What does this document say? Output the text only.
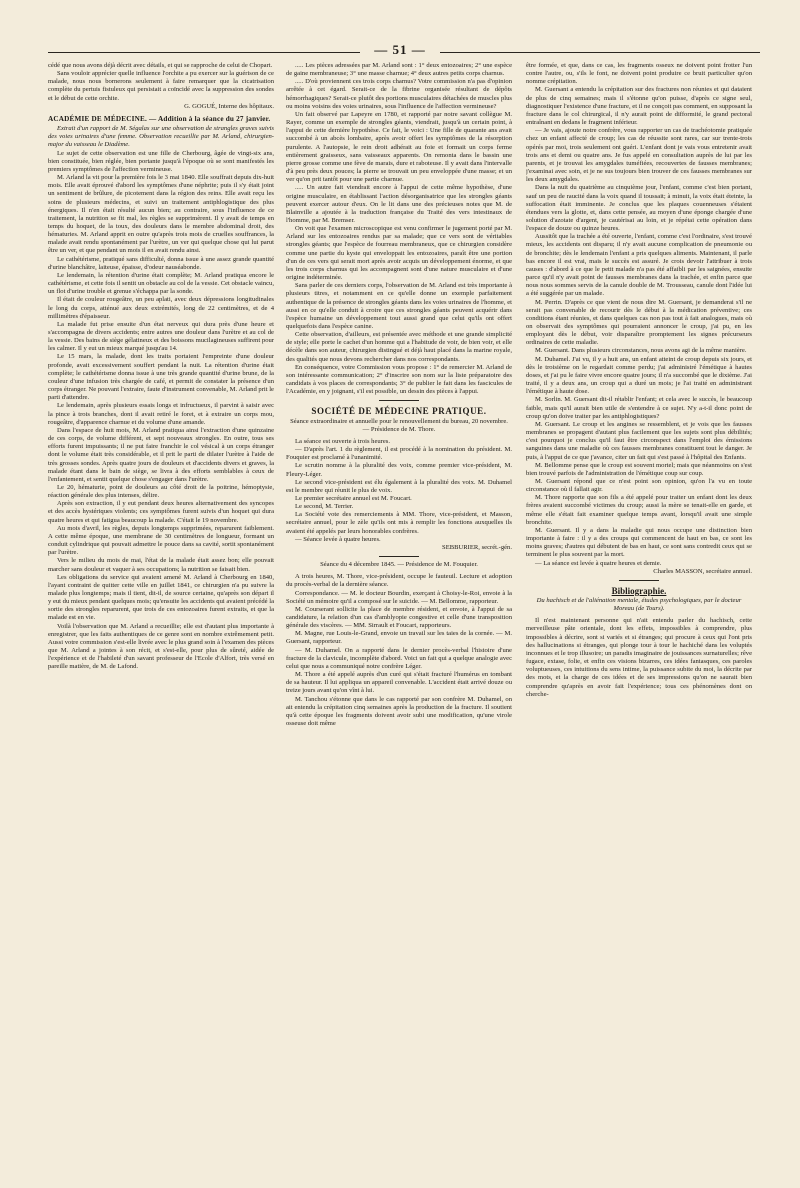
— 51 —

cédé que nous avons déjà décrit avec détails, et qui se rapproche de celui de Chopart.

Sans vouloir apprécier quelle influence l'orchite a pu exercer sur la guérison de ce malade, nous nous bornerons seulement à faire remarquer que la cicatrisation complète du pertuis fistuleux qui persistait a coïncidé avec la suppression des sondes et le début de cette orchite.

G. GOGUÉ, Interne des hôpitaux.

ACADÉMIE DE MÉDECINE. — Addition à la séance du 27 janvier.

Extrait d'un rapport de M. Ségalas sur une observation de strangles graves suivis des voies urinaires d'une femme. Observation recueillie par M. Arland, chirurgien-major du vaisseau le Diadème.

Le sujet de cette observation est une fille de Cherbourg, âgée de vingt-six ans, bien constituée, bien réglée, bien portante jusqu'à l'époque où se sont manifestés les premiers symptômes de l'affection vermineuse.

M. Arland la vit pour la première fois le 3 mai 1840. Elle souffrait depuis dix-huit mois. Elle avait éprouvé d'abord les symptômes d'une néphrite; puis il s'y était joint un sentiment de brûlure, de picotement dans la région des reins. Elle avait reçu les soins de plusieurs médecins, et suivi un traitement antiphlogistique des plus énergiques. Il n'en était résulté aucun bien; au contraire, sous l'influence de ce traitement, la nutrition se fit mal, les règles se supprimèrent. Il y avait de temps en temps du hoquet, de la toux, des douleurs dans le membre abdominal droit, des hématuries. M. Arland apprit en outre qu'après trois mois de cruelles souffrances, la malade avait rendu spontanément par l'urètre, un ver qui quelque chose qui lui parut être un ver, et que pendant un mois il en avait rendu ainsi.

Le cathétérisme, pratiqué sans difficulté, donna issue à une assez grande quantité d'urine blanchâtre, laiteuse, épaisse, d'odeur nauséabonde.

Le lendemain, la rétention d'urine était complète; M. Arland pratiqua encore le cathétérisme, et cette fois il sentit un obstacle au col de la vessie. Cet obstacle vaincu, un flot d'urine trouble et grenue s'échappa par la sonde.

Il était de couleur rougeâtre, un peu aplati, avec deux dépressions longitudinales le long du corps, atténué aux deux extrémités, long de 22 centimètres, et de 4 millimètres d'épaisseur.

La malade fut prise ensuite d'un état nerveux qui dura près d'une heure et s'accompagna de divers accidents; entre autres une douleur dans l'urètre et au col de la vessie. Des bains de siège gélatineux et des boissons mucilagineuses suffirent pour les calmer. Il y eut un mieux marqué jusqu'au 14.

Le 15 mars, la malade, dont les traits portaient l'empreinte d'une douleur profonde, avait excessivement souffert pendant la nuit. La rétention d'urine était complète; le cathétérisme donna issue à une très grande quantité d'urine brune, de la couleur d'une infusion très chargée de café, et permit de constater la présence d'un corps étranger. Ne pouvant l'extraire, faute d'instrument convenable, M. Arland prit le parti d'attendre.

Le lendemain, après plusieurs essais longs et infructueux, il parvint à saisir avec la pince à trois branches, dont il avait retiré le foret, et à extraire un corps mou, rougeâtre, d'apparence charnue et du volume d'une amande.

Dans l'espace de huit mois, M. Arland pratiqua ainsi l'extraction d'une quinzaine de ces corps, de volume différent, et sept nouveaux strongles. En outre, tous ses efforts furent impuissants; il ne put faire franchir le col vésical à un corps étranger dont le volume était très considérable, et il prit le parti de dilater l'urètre à l'aide de très grosses sondes. Après quatre jours de douleurs et d'accidents divers et graves, la malade étant dans le bain de siège, se livra à des efforts semblables à ceux de l'enfantement, et sentit quelque chose s'engager dans l'urètre.

Le 20, hématurie, point de douleurs au côté droit de la poitrine, hémoptysie, réaction générale des plus intenses, délire.

Après son extraction, il y eut pendant deux heures alternativement des syncopes et des accès hystériques violents; ces symptômes furent suivis d'un hoquet qui dura quatre heures et qui fatigua beaucoup la malade. C'était le 19 novembre.

Au mois d'avril, les règles, depuis longtemps supprimées, reparurent faiblement. A cette même époque, une membrane de 30 centimètres de longueur, formant un conduit cylindrique qui pouvait admettre le pouce dans sa cavité, sortit spontanément par l'urètre.

Vers le milieu du mois de mai, l'état de la malade était assez bon; elle pouvait marcher sans douleur et vaquer à ses occupations; la nutrition se faisait bien.

Les obligations du service qui avaient amené M. Arland à Cherbourg en 1840, l'ayant contraint de quitter cette ville en juillet 1841, ce chirurgien n'a pu suivre la malade plus longtemps; mais il tient, dit-il, de source certaine, qu'après son départ il y eut du mieux pendant quelques mois; qu'ensuite les accidents qui avaient précédé la sortie des strongles reparurent, que trois de ces entozoaires furent extraits, et que la malade est en vie.

Voilà l'observation que M. Arland a recueillie; elle est d'autant plus importante à enregistrer, que les faits authentiques de ce genre sont en nombre extrêmement petit. Aussi votre commission s'est-elle livrée avec le plus grand soin à l'examen des pièces que M. Arland a jointes à son récit, et s'est-elle, pour plus de sûreté, aidée de l'expérience et de l'habileté d'un savant professeur de l'Ecole d'Alfort, très versé en pareille matière, de M. de Lafond.

..... Les pièces adressées par M. Arland sont : 1° deux entozoaires; 2° une espèce de gaine membraneuse; 3° une masse charnue; 4° deux autres petits corps charnus.

..... D'où proviennent ces trois corps charnus? Votre commission n'a pas d'opinion arrêtée à cet égard. Serait-ce de la fibrine organisée résultant de dépôts hémorrhagiques? Serait-ce plutôt des portions musculaires détachées de muscles plus ou moins voisins des voies urinaires, sous l'influence de l'affection vermineuse?

Un fait observé par Lapeyre en 1780, et rapporté par notre savant collègue M. Rayer, comme un exemple de strongles géants, viendrait, jusqu'à un certain point, à l'appui de cette dernière hypothèse. Ce fait, le voici : Une fille de quarante ans avait succombé à un abcès lombaire, après avoir offert les symptômes de la résorption purulente. A l'autopsie, le rein droit adhérait au foie et formait un corps ferme entièrement graisseux, sans vaisseaux apparents. On remonta dans le bassin une pierre grosse comme une fève de marais, dure et raboteuse. Il y avait dans l'intervalle d'à peu près deux pouces; la pierre se trouvait un peu enveloppée d'une masse; et un ver qu'on prit tantôt pour une partie charnue.

..... Un autre fait viendrait encore à l'appui de cette même hypothèse, d'une origine musculaire, en établissant l'action désorganisatrice que les strongles géants peuvent exercer autour d'eux. On le lit dans une des précieuses notes que M. de Blainville a ajoutée à la traduction française du Traité des vers intestinaux de l'homme, par M. Bremser.

On voit que l'examen microscopique est venu confirmer le jugement porté par M. Arland sur les entozoaires rendus par sa malade; que ce vers sont de véritables strongles géants; que l'espèce de fourreau membraneux, que ce chirurgien considère comme une partie du kyste qui enveloppait les entozoaires, paraît être une portion d'un de ces vers qui serait mort après avoir acquis un développement énorme, et que les trois corps charnus qui les accompagnent sont d'une nature musculaire et d'une origine indéterminée.

Sans parler de ces derniers corps, l'observation de M. Arland est très importante à plusieurs titres, et notamment en ce qu'elle donne un exemple parfaitement authentique de la présence de strongles géants dans les voies urinaires de l'homme, et aussi en ce qu'elle conduit à croire que ces strongles géants peuvent acquérir dans l'espèce humaine un développement tout aussi grand que celui qu'ils ont offert quelquefois dans l'espèce canine.

Cette observation, d'ailleurs, est présentée avec méthode et une grande simplicité de style; elle porte le cachet d'un homme qui a l'habitude de voir, de bien voir, et elle décèle dans son auteur, chirurgien distingué et déjà haut placé dans la marine royale, des qualités que nous devons rechercher dans nos correspondants.

En conséquence, votre Commission vous propose : 1° de remercier M. Arland de son intéressante communication; 2° d'inscrire son nom sur la liste préparatoire des candidats à vos places de correspondants; 3° de publier le fait dans les fascicules de l'Académie, en y joignant, s'il est possible, un dessin des pièces à l'appui.

SOCIÉTÉ DE MÉDECINE PRATIQUE.
Séance extraordinaire et annuelle pour le renouvellement du bureau, 20 novembre. — Présidence de M. Thore.

La séance est ouverte à trois heures.

— D'après l'art. 1 du règlement, il est procédé à la nomination du président. M. Fouquier est proclamé à l'unanimité.

Le scrutin nomme à la pluralité des voix, comme premier vice-président, M. Fleury-Léger.

Le second vice-président est élu également à la pluralité des voix. M. Duhamel est le membre qui réunit le plus de voix.

Le premier secrétaire annuel est M. Foucart.

Le second, M. Terrier.

La Société vote des remerciements à MM. Thore, vice-président, et Masson, secrétaire annuel, pour le zèle qu'ils ont mis à remplir les fonctions auxquelles ils avaient été appelés par leurs honorables confrères.

— Séance levée à quatre heures.

SEBBURIER, secrét.-gén.

Séance du 4 décembre 1845. — Présidence de M. Fouquier.

A trois heures, M. Thore, vice-président, occupe le fauteuil. Lecture et adoption du procès-verbal de la dernière séance.

Correspondance. — M. le docteur Bourdin, exerçant à Choisy-le-Roi, envoie à la Société un mémoire qu'il a composé sur le suicide. — M. Bellomme, rapporteur.

M. Courserant sollicite la place de membre résident, et envoie, à l'appui de sa candidature, la relation d'un cas d'amblyopie congestive et celle d'une transposition générale des viscères. — MM. Sirrault et Foucart, rapporteurs.

M. Magne, rue Louis-le-Grand, envoie un travail sur les taies de la cornée. — M. Guersant, rapporteur.

— M. Duhamel. On a rapporté dans le dernier procès-verbal l'histoire d'une fracture de la clavicule, incomplète d'abord. Voici un fait qui a quelque analogie avec celui que nous a communiqué notre confrère Léger.

M. Thore a été appelé auprès d'un curé qui s'était fracturé l'humérus en tombant de sa hauteur. Il lui appliqua un appareil convenable. L'accident était arrivé douze ou treize jours avant qu'on vînt à lui.

M. Tanchou s'étonne que dans le cas rapporté par son confrère M. Duhamel, on ait entendu la crépitation cinq semaines après la production de la fracture. Il soutient qu'à cette époque les fragments doivent avoir subi une modification, qu'une virole osseuse doit même

être formée, et que, dans ce cas, les fragments osseux ne doivent point frotter l'un contre l'autre, ou, s'ils le font, ne doivent point produire ce bruit particulier qu'on nomme crépitation.

M. Guersant a entendu la crépitation sur des fractures non réunies et qui dataient de plus de cinq semaines; mais il s'étonne qu'on puisse, d'après ce signe seul, diagnostiquer l'existence d'une fracture, et il ne conçoit pas comment, en supposant la fracture dans le col chirurgical, il n'y aurait point de difformité, le grand pectoral entraînant en dedans le fragment inférieur.

— Je vais, ajoute notre confrère, vous rapporter un cas de trachéotomie pratiquée chez un enfant affecté de croup; les cas de réussite sont rares, car sur trente-trois opérés par moi, trois seulement ont guéri. L'enfant dont je vais vous entretenir avait trois ans et demi ou quatre ans. Je fus appelé en consultation auprès de lui par les parents, et je trouvai les amygdales tuméfiées, recouvertes de fausses membranes; j'examinai avec soin, et je ne sus toujours bien trouver de ces fausses membranes sur les deux amygdales.

Dans la nuit du quatrième au cinquième jour, l'enfant, comme c'est bien portant, sauf un peu de raucité dans la voix quand il toussait; à minuit, la voix était éteinte, la suffocation était imminente. Je conclus que les plaques couenneuses s'étaient étendues vers la glotte, et, dans cette pensée, au moyen d'une éponge chargée d'une solution d'azotate d'argent, je cautérisai au loin, et je répétai cette opération dans l'espace de douze ou quinze heures.

Aussitôt que la trachée a été ouverte, l'enfant, comme c'est l'ordinaire, s'est trouvé mieux, les accidents ont disparu; il n'y avait aucune complication de pneumonie ou de bronchite; dès le lendemain l'enfant a pris quelques aliments. Maintenant, il parle bas encore il est vrai, mais le succès est assuré. Je crois devoir l'attribuer à trois causes : d'abord à ce que le petit malade n'a pas été affaibli par les saignées, ensuite parce qu'il n'y avait point de fausses membranes dans la trachée, et enfin parce que nous nous sommes servis de la canule double de M. Trousseau, canule dont l'idée lui a été suggérée par un malade.

M. Perrin. D'après ce que vient de nous dire M. Guersant, je demanderai s'il ne serait pas convenable de recourir dès le début à la médication préventive; ces conditions étant réunies, et dans quelques cas non pas tout à fait analogues, mais où on observait des symptômes qui pourraient annoncer le croup, j'ai pu, en les employant dès le début, voir disparaître promptement les signes précurseurs ordinaires de cette maladie.

M. Guersant. Dans plusieurs circonstances, nous avons agi de la même manière.

M. Duhamel. J'ai vu, il y a huit ans, un enfant atteint de croup depuis six jours, et dès le troisième on le regardait comme perdu; j'ai administré l'émétique à hautes doses, et j'ai pu le faire vivre encore quatre jours; il n'a succombé que le dixième. J'ai traité, il y a deux ans, un croup qui a duré un mois; je l'ai traité en administrant l'émétique à haute dose.

M. Sorlin. M. Guersant dit-il rétablir l'enfant; et cela avec le succès, le beaucoup faible, mais qu'il aurait bien utile de s'entendre à ce sujet. N'y a-t-il donc point de croup qu'on doive traiter par les antiphlogistiques?

M. Guersant. Le croup et les angines se ressemblent, et je vois que les fausses membranes se propagent d'autant plus facilement que les sujets sont plus débilités; c'est pourquoi je conclus qu'il faut être circonspect dans l'emploi des émissions sanguines dans une maladie où ces fausses membranes constituent tout le danger. Je puis, à l'appui de ce que j'avance, citer un fait qui s'est passé à l'hôpital des Enfants.

M. Bellomme pense que le croup est souvent mortel; mais que néanmoins on s'est bien trouvé parfois de l'administration de l'émétique coup sur coup.

M. Guersant répond que ce n'est point son opinion, qu'on l'a vu en toute circonstance où il fallait agir.

M. Thore rapporte que son fils a été appelé pour traiter un enfant dont les deux frères avaient succombé victimes du croup; aussi la mère se tenait-elle en garde, et même elle s'était fait examiner quelque temps avant, lorsqu'il avait une simple bronchite.

M. Guersant. Il y a dans la maladie qui nous occupe une distinction bien importante à faire : il y a des croups qui commencent de haut en bas, ce sont les moins graves; d'autres qui débutent de bas en haut, ce sont sans contredit ceux qui se terminent le plus souvent par la mort.

— La séance est levée à quatre heures et demie.

Charles MASSON, secrétaire annuel.

Bibliographie.
Du hachisch et de l'aliénation mentale, études psychologiques, par le docteur Moreau (de Tours).

Il n'est maintenant personne qui n'ait entendu parler du hachisch, cette merveilleuse pâte orientale, dont les effets, impossibles à comprendre, plus impossibles à décrire, sont si variés et si étranges; qui procure à ceux qui l'ont pris des hallucinations si étranges, qui plonge tour à tour le hachiché dans les voluptés inconnues et le trop illusoire; un paradis imaginaire de jouissances surnaturelles; rêve fugace, extase, folie, et enfin ces visions bizarres, ces idées fantasques, ces paroles voluptueuses, ces intuitions du sens intime, la puissance subite du moi, la décrite par des mots, et la charge de ces idées et de ses impressions qu'on ne saurait bien comprendre qu'après en avoir fait l'expérience; tous ces phénomènes dont on cherche-
